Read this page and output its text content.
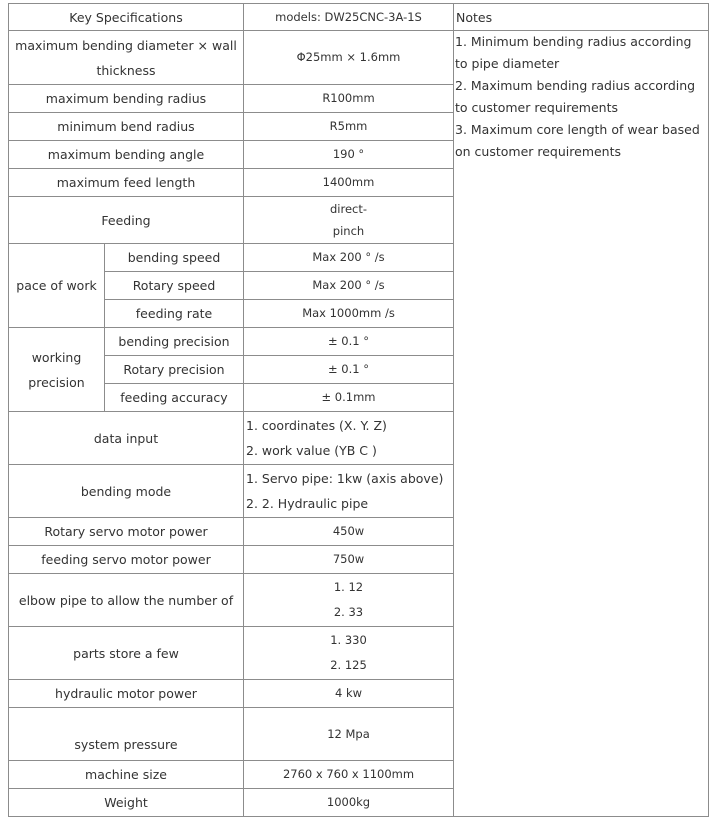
Key Specifications		models: DW25CNC-3A-1S	Notes

maximum bending diameter × wall
thickness		Φ25mm × 1.6mm	1. Minimum bending radius according to pipe diameter
2. Maximum bending radius according to customer requirements
3. Maximum core length of wear based on customer requirements

maximum bending radius		R100mm	
minimum bend radius		R5mm	
maximum bending angle		190 °	
maximum feed length		1400mm	
Feeding		direct-
pinch	

pace of work	bending speed	Max 200 ° /s	
	Rotary speed	Max 200 ° /s	
	feeding rate	Max 1000mm /s	

working
precision	bending precision	± 0.1 °	
	Rotary precision	± 0.1 °	
	feeding accuracy	± 0.1mm	
data input		1. coordinates (X. Y. Z)
2. work value (YB C )	

bending mode		1. Servo pipe: 1kw (axis above)
2. 2. Hydraulic pipe	

Rotary servo motor power		450w	
feeding servo motor power		750w	
elbow pipe to allow the number of		1. 12
2. 33	

parts store a few		1. 330
2. 125	

hydraulic motor power		4 kw	
system pressure		12 Mpa	
machine size		2760 x 760 x 1100mm	
Weight		1000kg	
